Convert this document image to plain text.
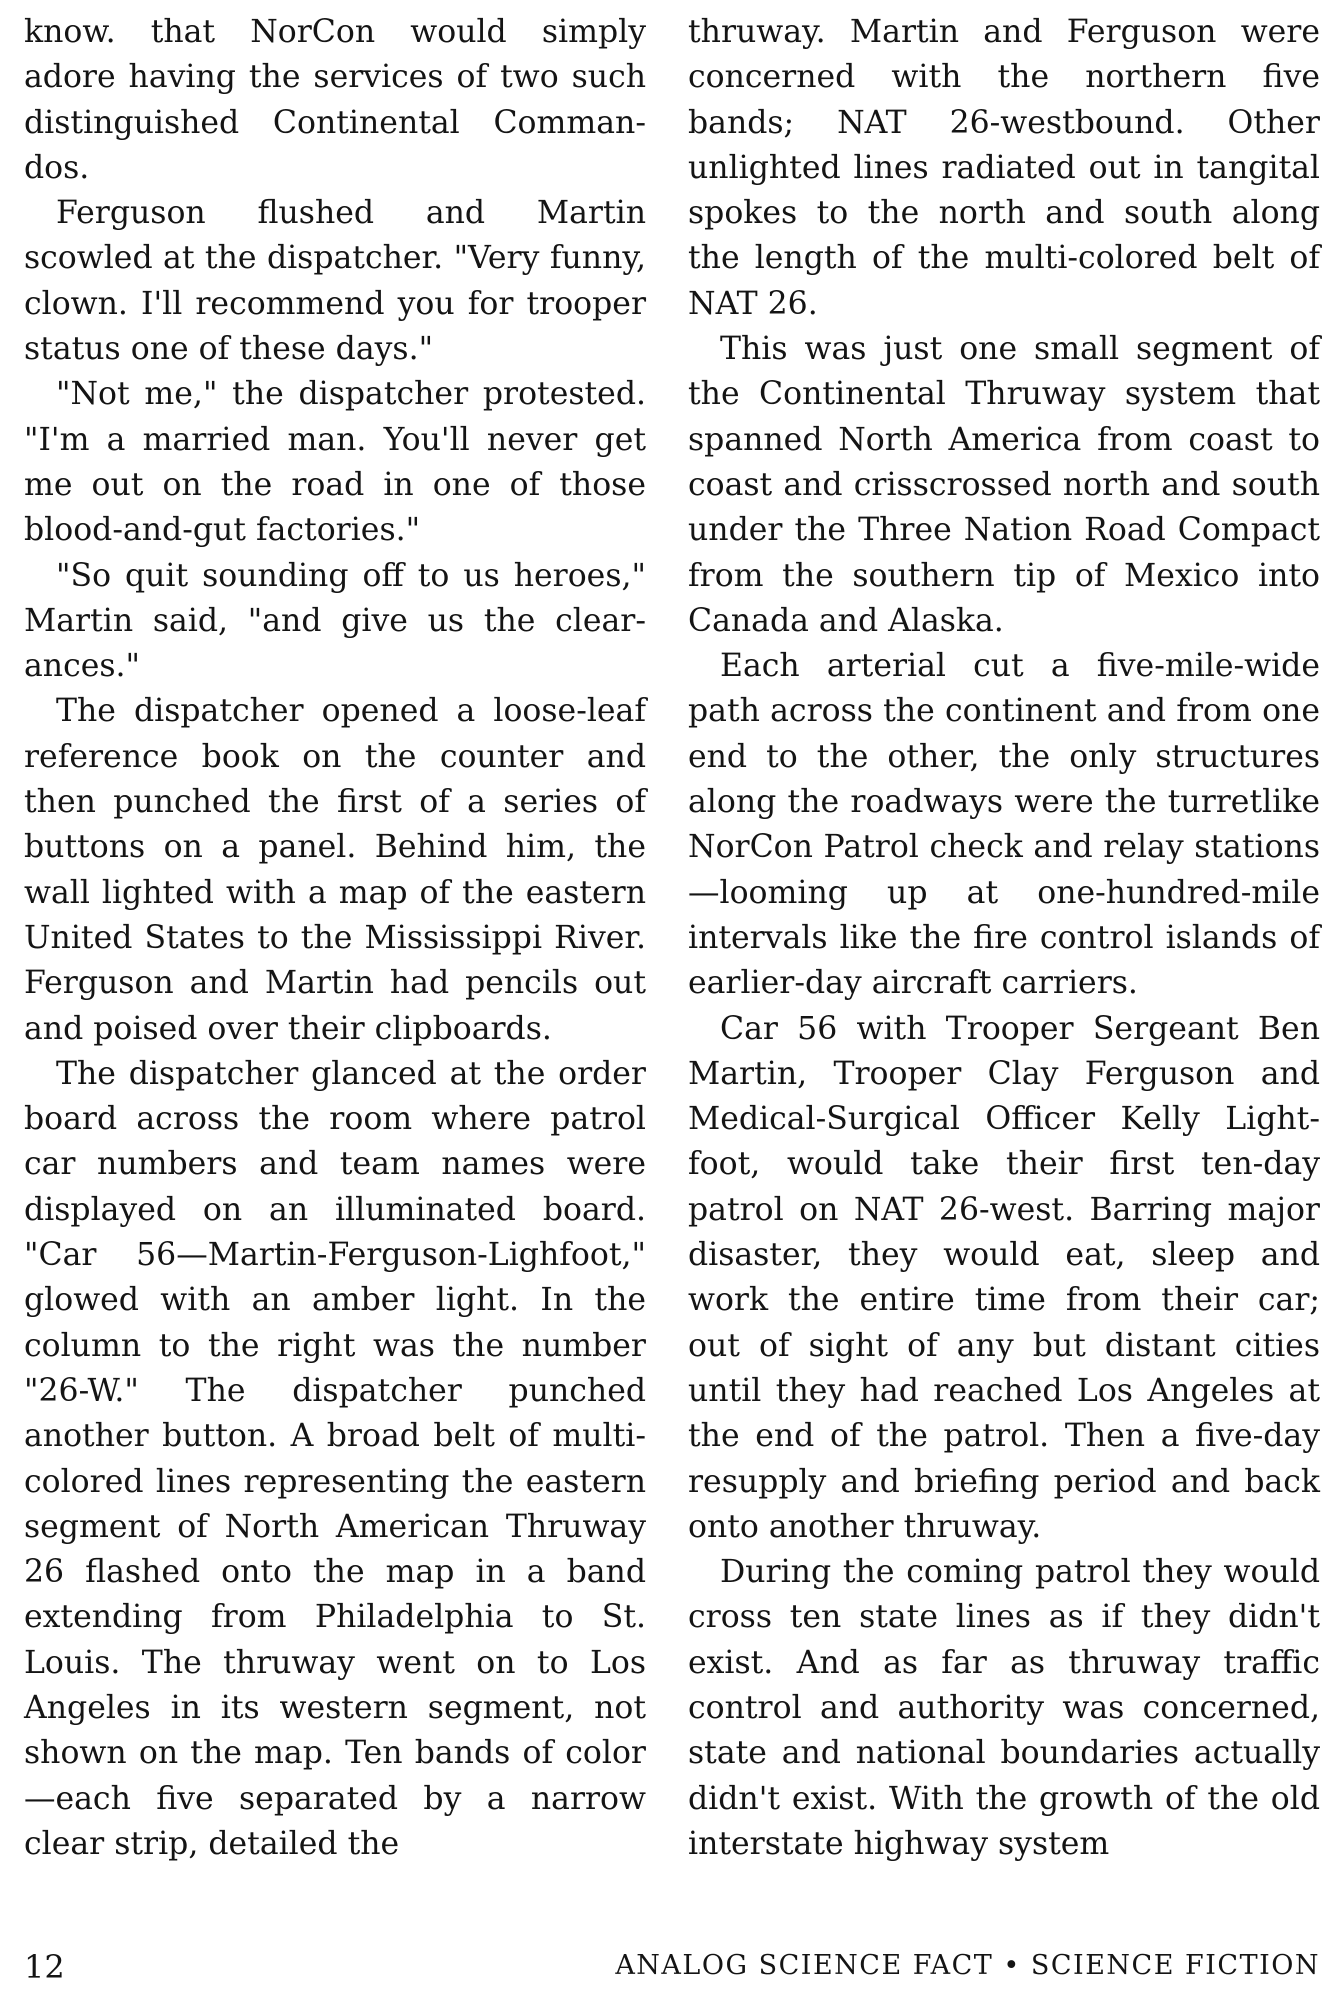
know. that NorCon would simply adore having the services of two such distinguished Continental Commandos.

Ferguson flushed and Martin scowled at the dispatcher. "Very funny, clown. I'll recommend you for trooper status one of these days."

"Not me," the dispatcher protested. "I'm a married man. You'll never get me out on the road in one of those blood-and-gut factories."

"So quit sounding off to us heroes," Martin said, "and give us the clearances."

The dispatcher opened a loose-leaf reference book on the counter and then punched the first of a series of buttons on a panel. Behind him, the wall lighted with a map of the eastern United States to the Mississippi River. Ferguson and Martin had pencils out and poised over their clipboards.

The dispatcher glanced at the order board across the room where patrol car numbers and team names were displayed on an illuminated board. "Car 56—Martin-Ferguson-Lighfoot," glowed with an amber light. In the column to the right was the number "26-W." The dispatcher punched another button. A broad belt of multi-colored lines representing the eastern segment of North American Thruway 26 flashed onto the map in a band extending from Philadelphia to St. Louis. The thruway went on to Los Angeles in its western segment, not shown on the map. Ten bands of color—each five separated by a narrow clear strip, detailed the

thruway. Martin and Ferguson were concerned with the northern five bands; NAT 26-westbound. Other unlighted lines radiated out in tangital spokes to the north and south along the length of the multi-colored belt of NAT 26.

This was just one small segment of the Continental Thruway system that spanned North America from coast to coast and crisscrossed north and south under the Three Nation Road Compact from the southern tip of Mexico into Canada and Alaska.

Each arterial cut a five-mile-wide path across the continent and from one end to the other, the only structures along the roadways were the turretlike NorCon Patrol check and relay stations—looming up at one-hundred-mile intervals like the fire control islands of earlier-day aircraft carriers.

Car 56 with Trooper Sergeant Ben Martin, Trooper Clay Ferguson and Medical-Surgical Officer Kelly Lightfoot, would take their first ten-day patrol on NAT 26-west. Barring major disaster, they would eat, sleep and work the entire time from their car; out of sight of any but distant cities until they had reached Los Angeles at the end of the patrol. Then a five-day resupply and briefing period and back onto another thruway.

During the coming patrol they would cross ten state lines as if they didn't exist. And as far as thruway traffic control and authority was concerned, state and national boundaries actually didn't exist. With the growth of the old interstate highway system

12	ANALOG SCIENCE FACT • SCIENCE FICTION
